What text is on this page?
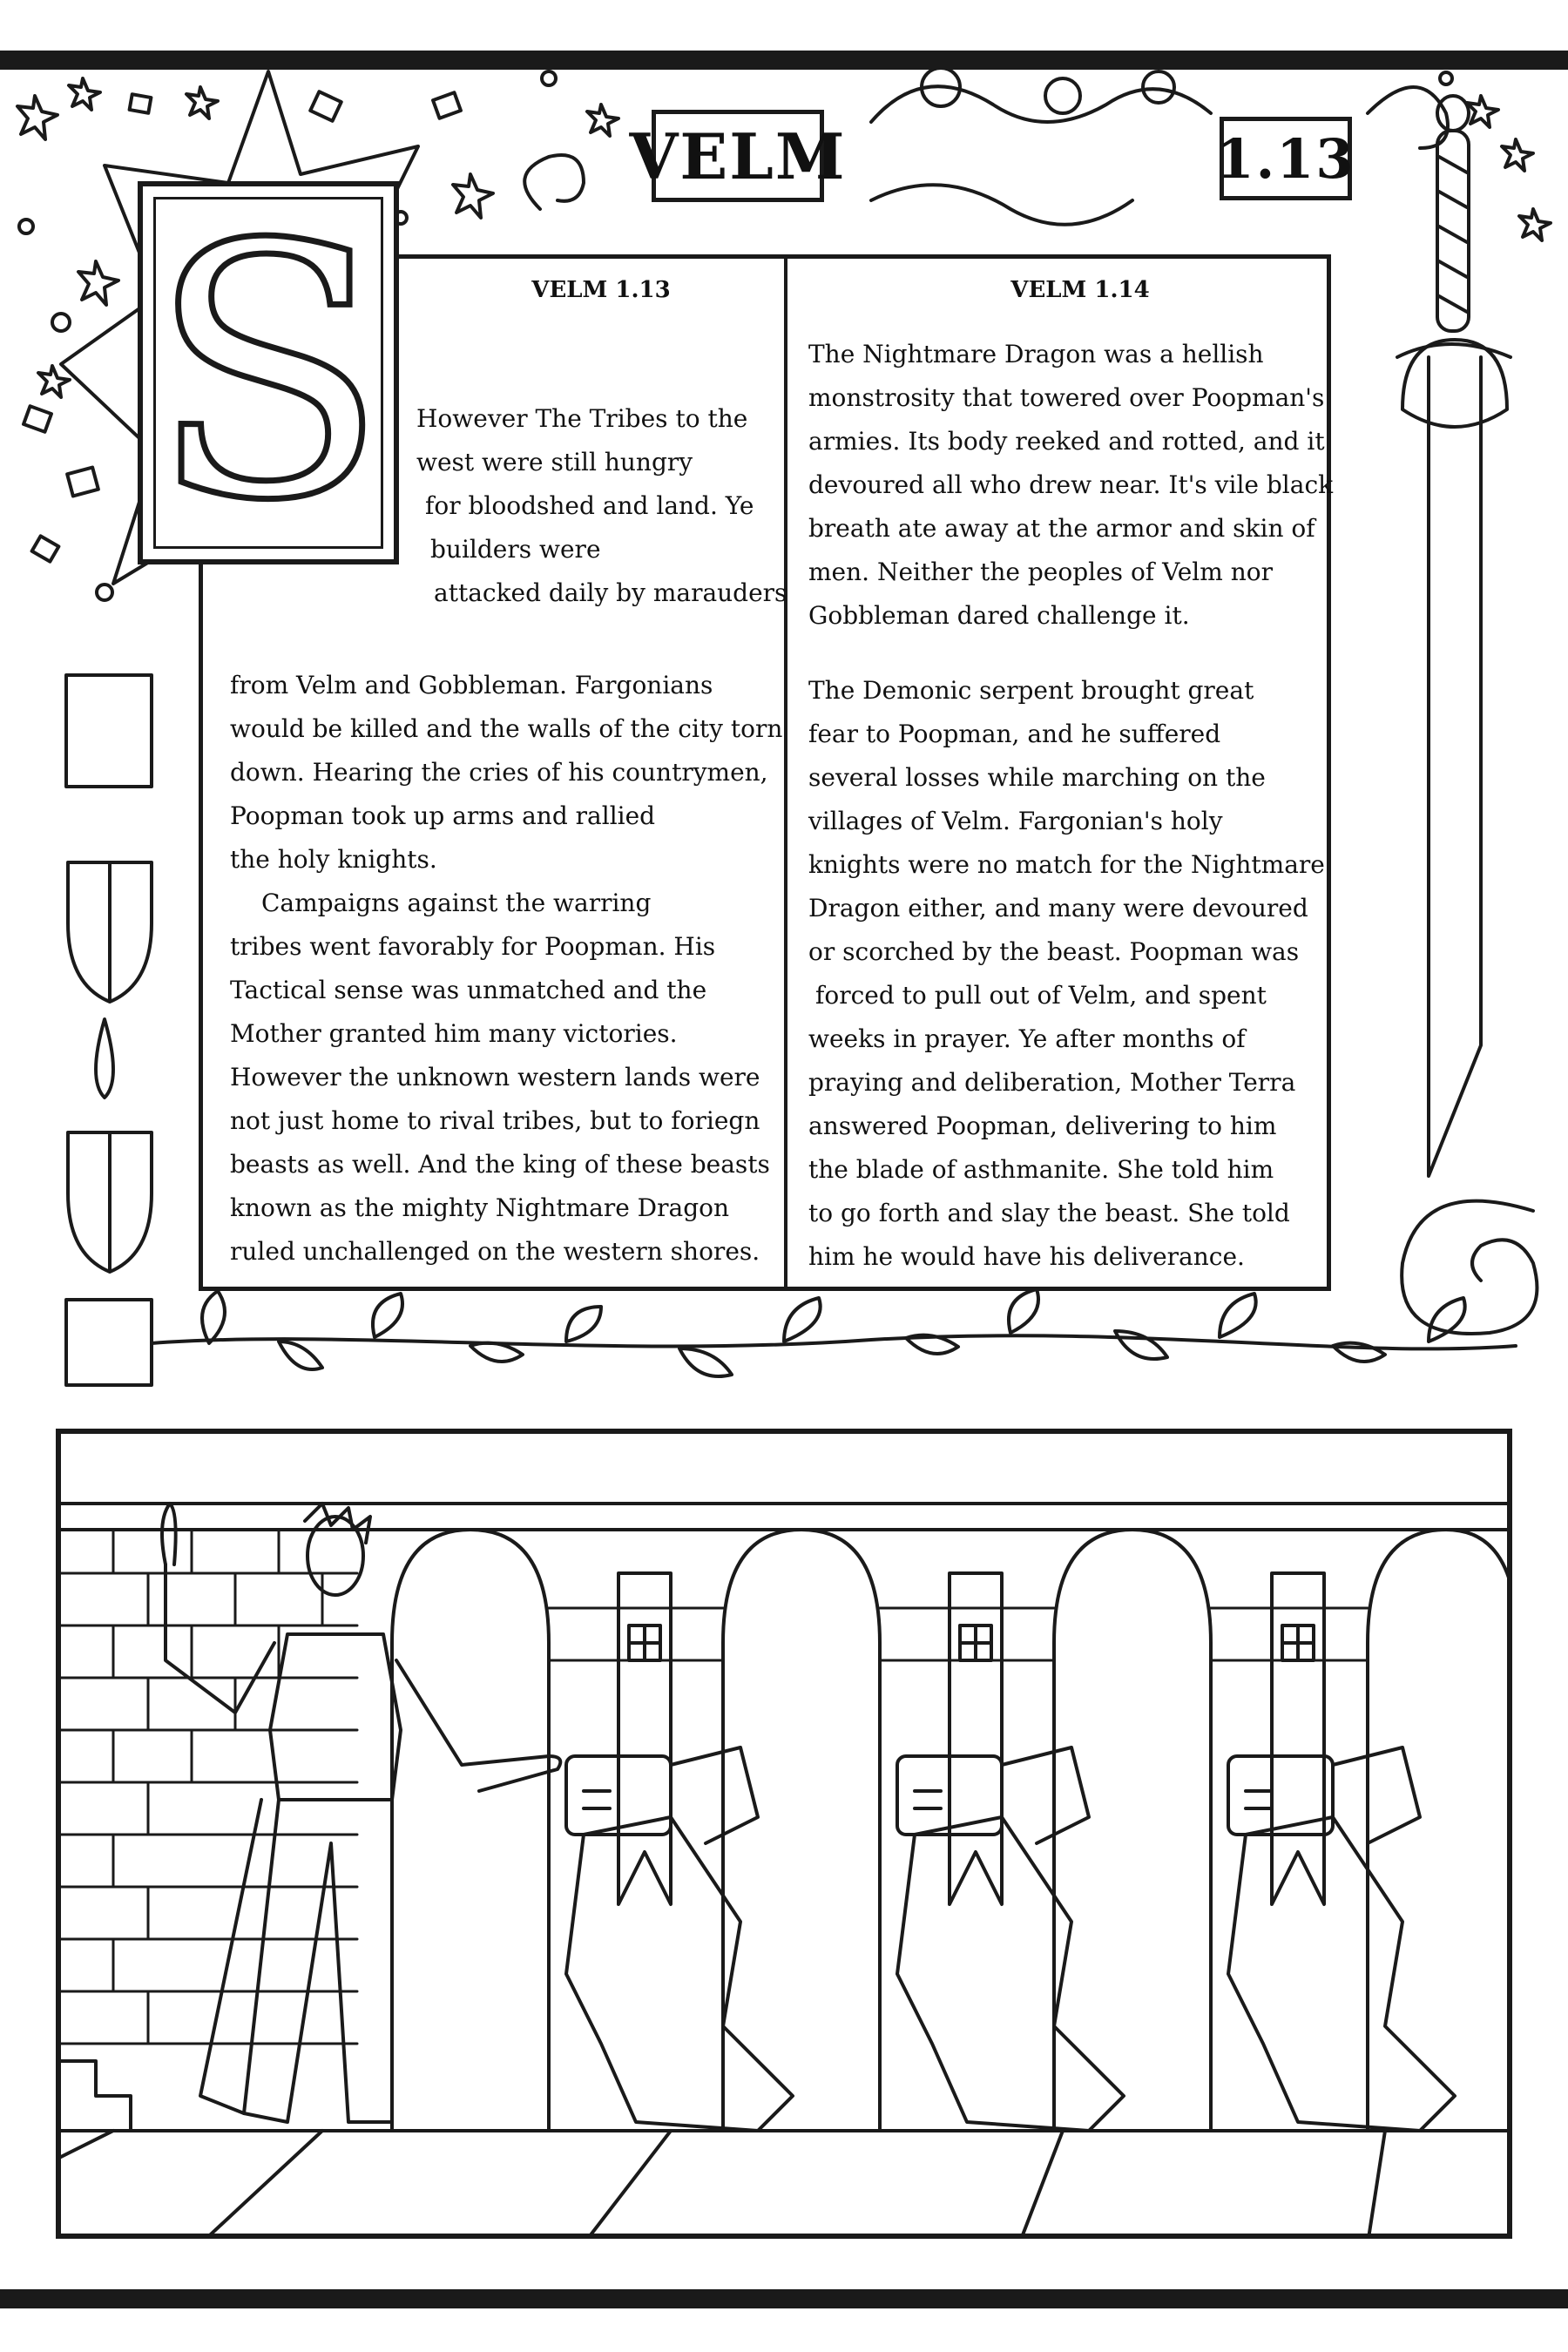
VELM	1.13
S	VELM 1.13	VELM 1.14
However The Tribes to the
west were still hungry
for bloodshed and land. Ye
builders were
attacked daily by marauders
from Velm and Gobbleman. Fargonians
would be killed and the walls of the city torn
down. Hearing the cries of his countrymen,
Poopman took up arms and rallied
the holy knights.
Campaigns against the warring
tribes went favorably for Poopman. His
Tactical sense was unmatched and the
Mother granted him many victories.
However the unknown western lands were
not just home to rival tribes, but to foriegn
beasts as well. And the king of these beasts
known as the mighty Nightmare Dragon
ruled unchallenged on the western shores.
The Nightmare Dragon was a hellish
monstrosity that towered over Poopman's
armies. Its body reeked and rotted, and it
devoured all who drew near. It's vile black
breath ate away at the armor and skin of
men. Neither the peoples of Velm nor
Gobbleman dared challenge it.
The Demonic serpent brought great
fear to Poopman, and he suffered
several losses while marching on the
villages of Velm. Fargonian's holy
knights were no match for the Nightmare
Dragon either, and many were devoured
or scorched by the beast. Poopman was
forced to pull out of Velm, and spent
weeks in prayer. Ye after months of
praying and deliberation, Mother Terra
answered Poopman, delivering to him
the blade of asthmanite. She told him
to go forth and slay the beast. She told
him he would have his deliverance.
